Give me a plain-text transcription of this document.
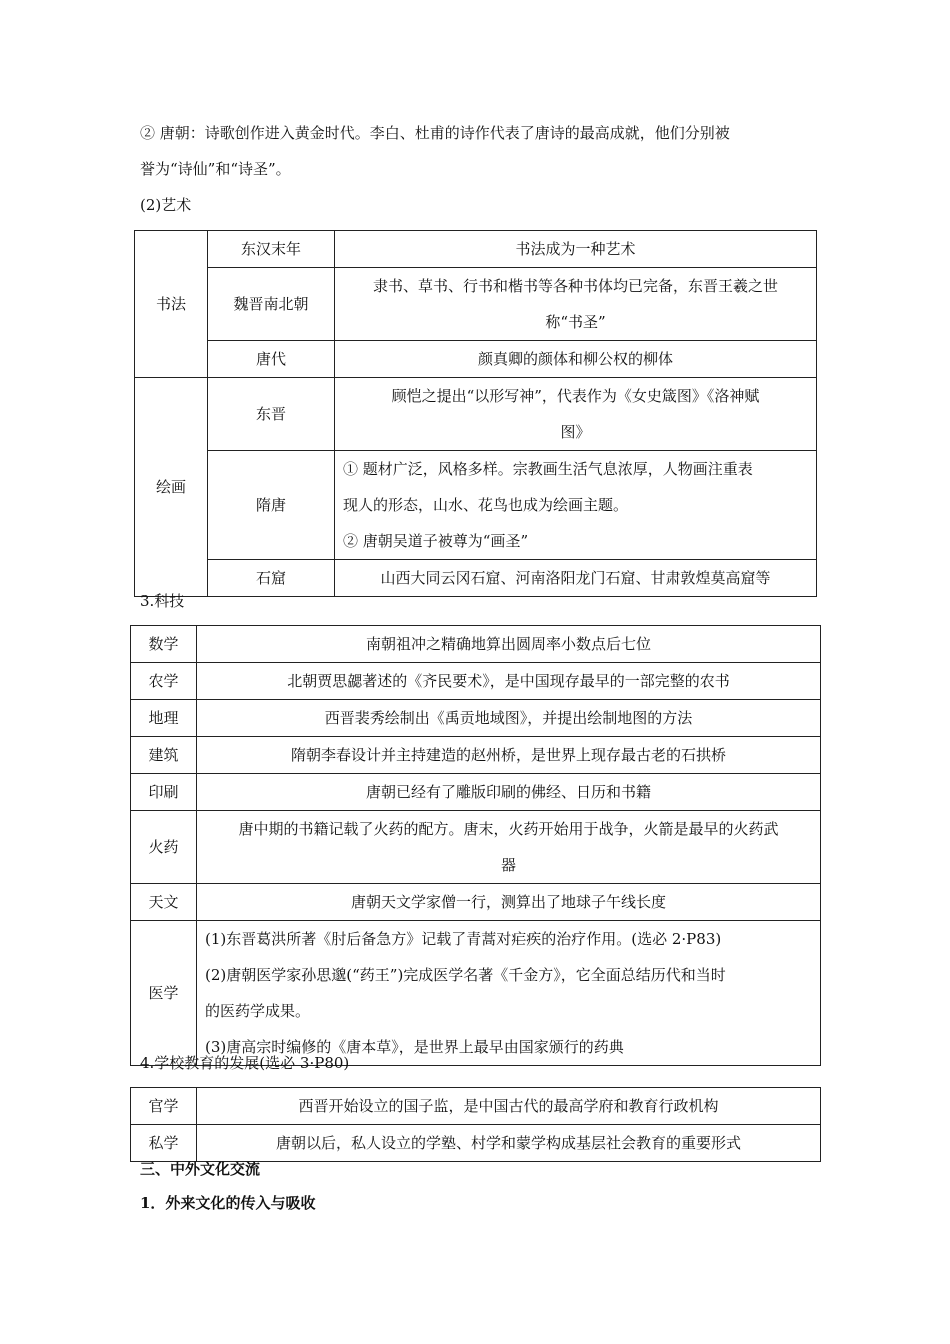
② 唐朝：诗歌创作进入黄金时代。李白、杜甫的诗作代表了唐诗的最高成就，他们分别被
誉为“诗仙”和“诗圣”。
(2)艺术
书法	东汉末年	书法成为一种艺术
	魏晋南北朝	隶书、草书、行书和楷书等各种书体均已完备，东晋王羲之世
称“书圣”

	唐代	颜真卿的颜体和柳公权的柳体
绘画	东晋	顾恺之提出“以形写神”，代表作为《女史箴图》《洛神赋
图》

	隋唐	① 题材广泛，风格多样。宗教画生活气息浓厚，人物画注重表
现人的形态，山水、花鸟也成为绘画主题。
② 唐朝吴道子被尊为“画圣”

	石窟	山西大同云冈石窟、河南洛阳龙门石窟、甘肃敦煌莫高窟等
3.科技
数学	南朝祖冲之精确地算出圆周率小数点后七位
农学	北朝贾思勰著述的《齐民要术》，是中国现存最早的一部完整的农书
地理	西晋裴秀绘制出《禹贡地域图》，并提出绘制地图的方法
建筑	隋朝李春设计并主持建造的赵州桥，是世界上现存最古老的石拱桥
印刷	唐朝已经有了雕版印刷的佛经、日历和书籍
火药	唐中期的书籍记载了火药的配方。唐末，火药开始用于战争，火箭是最早的火药武
器

天文	唐朝天文学家僧一行，测算出了地球子午线长度
医学	(1)东晋葛洪所著《肘后备急方》记载了青蒿对疟疾的治疗作用。(选必 2·P83)
(2)唐朝医学家孙思邈(“药王”)完成医学名著《千金方》，它全面总结历代和当时
的医药学成果。
(3)唐高宗时编修的《唐本草》，是世界上最早由国家颁行的药典
4.学校教育的发展(选必 3·P80)
官学	西晋开始设立的国子监，是中国古代的最高学府和教育行政机构
私学	唐朝以后，私人设立的学塾、村学和蒙学构成基层社会教育的重要形式
三、中外文化交流
1．外来文化的传入与吸收
